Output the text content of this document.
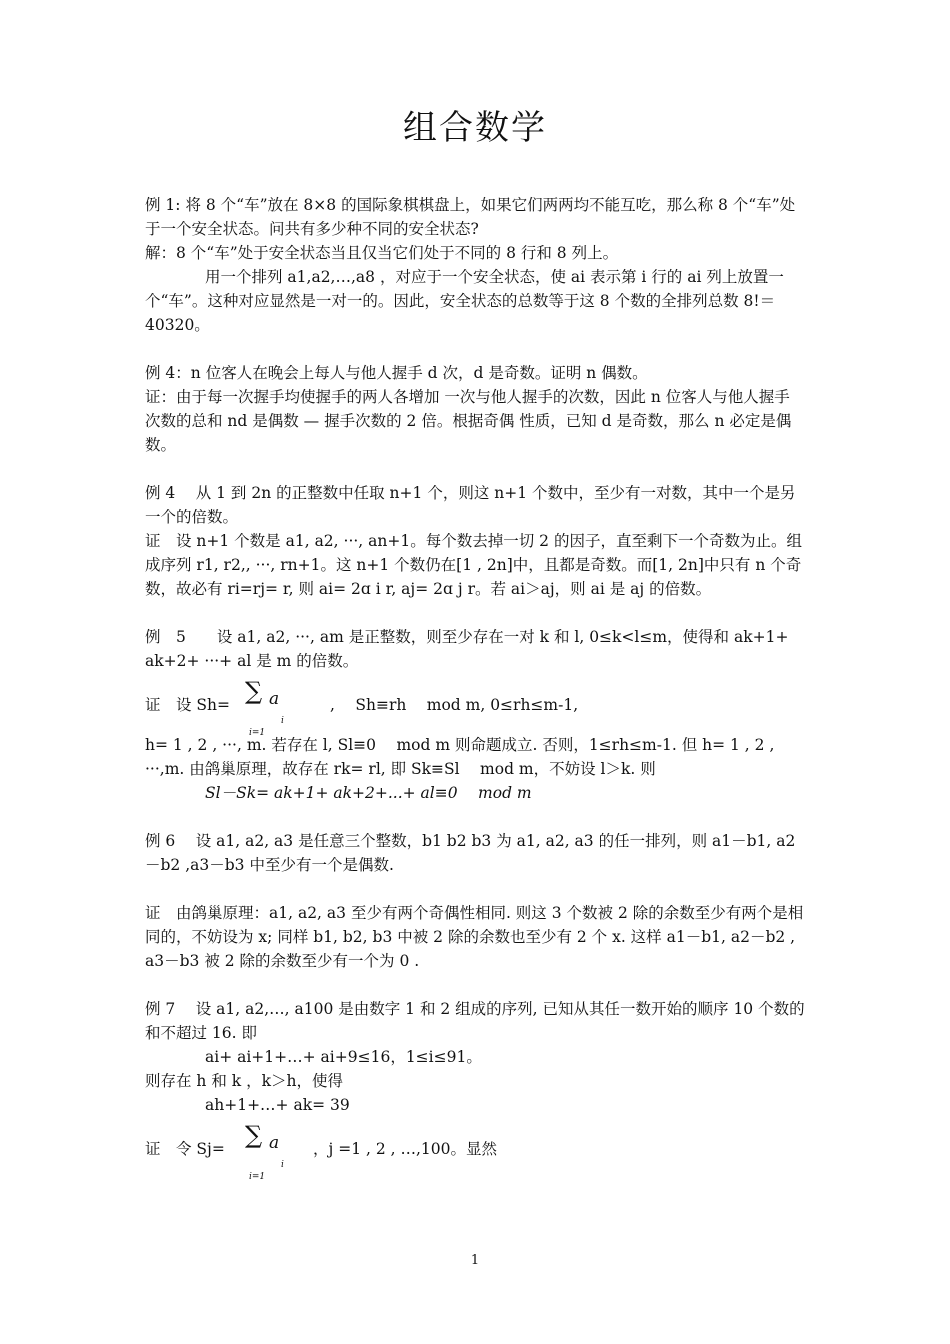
组合数学

例 1: 将 8 个“车”放在 8×8 的国际象棋棋盘上，如果它们两两均不能互吃，那么称 8 个“车”处于一个安全状态。问共有多少种不同的安全状态?

解：8 个“车”处于安全状态当且仅当它们处于不同的 8 行和 8 列上。

用一个排列 a1,a2,…,a8 ，对应于一个安全状态，使 ai 表示第 i 行的 ai 列上放置一个“车”。这种对应显然是一对一的。因此，安全状态的总数等于这 8 个数的全排列总数 8!＝40320。

例 4：n 位客人在晚会上每人与他人握手 d 次，d 是奇数。证明 n 偶数。

证：由于每一次握手均使握手的两人各增加 一次与他人握手的次数，因此 n 位客人与他人握手 次数的总和 nd 是偶数 — 握手次数的 2 倍。根据奇偶 性质，已知 d 是奇数，那么 n 必定是偶数。

例 4　 从 1 到 2n 的正整数中任取 n+1 个，则这 n+1 个数中，至少有一对数，其中一个是另一个的倍数。

证　设 n+1 个数是 a1, a2, ···, an+1。每个数去掉一切 2 的因子，直至剩下一个奇数为止。组成序列 r1, r2,, ···, rn+1。这 n+1 个数仍在[1 , 2n]中，且都是奇数。而[1, 2n]中只有 n 个奇数，故必有 ri=rj= r, 则 ai= 2ɑ i r, aj= 2ɑ j r。若 ai＞aj，则 ai 是 aj 的倍数。

例　5　　设 a1, a2, ···, am 是正整数，则至少存在一对 k 和 l, 0≤k<l≤m，使得和 ak+1+ ak+2+ ···+ al 是 m 的倍数。

证　设 Sh= ∑ a
i
i=1
,　 Sh≡rh　 mod m, 0≤rh≤m-1,

h= 1 , 2 , ···, m. 若存在 l, Sl≡0　 mod m 则命题成立. 否则，1≤rh≤m-1. 但 h= 1 , 2 , ···,m. 由鸽巢原理，故存在 rk= rl, 即 Sk≡Sl　 mod m，不妨设 l＞k. 则

Sl－Sk= ak+1+ ak+2+...+ al≡0　 mod m

例 6　 设 a1, a2, a3 是任意三个整数，b1 b2 b3 为 a1, a2, a3 的任一排列，则 a1－b1, a2－b2 ,a3－b3 中至少有一个是偶数.

证　由鸽巢原理：a1, a2, a3 至少有两个奇偶性相同. 则这 3 个数被 2 除的余数至少有两个是相同的，不妨设为 x; 同样 b1, b2, b3 中被 2 除的余数也至少有 2 个 x. 这样 a1－b1, a2－b2 , a3－b3 被 2 除的余数至少有一个为 0 .

例 7　 设 a1, a2,…, a100 是由数字 1 和 2 组成的序列, 已知从其任一数开始的顺序 10 个数的和不超过 16. 即

ai+ ai+1+…+ ai+9≤16，1≤i≤91。

则存在 h 和 k ，k＞h，使得

ah+1+…+ ak= 39

证　令 Sj= ∑ a
i
i=1
，j =1 , 2 , …,100。显然
1
